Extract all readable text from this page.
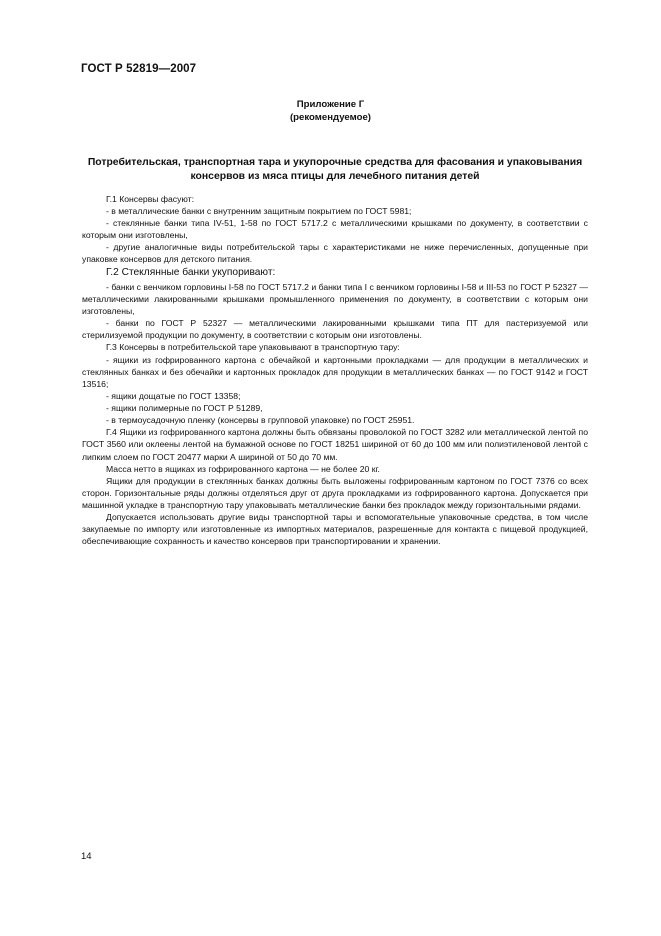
ГОСТ Р 52819—2007
Приложение Г
(рекомендуемое)
Потребительская, транспортная тара и укупорочные средства для фасования и упаковывания консервов из мяса птицы для лечебного питания детей

Г.1 Консервы фасуют:

- в металлические банки с внутренним защитным покрытием по ГОСТ 5981;

- стеклянные банки типа IV-51, 1-58 по ГОСТ 5717.2 с металлическими крышками по документу, в соответствии с которым они изготовлены,

- другие аналогичные виды потребительской тары с характеристиками не ниже перечисленных, допущенные при упаковке консервов для детского питания.

Г.2 Стеклянные банки укупоривают:

- банки с венчиком горловины I-58 по ГОСТ 5717.2 и банки типа I с венчиком горловины I-58 и III-53 по ГОСТ Р 52327 — металлическими лакированными крышками промышленного применения по документу, в соответствии с которым они изготовлены,

- банки по ГОСТ Р 52327 — металлическими лакированными крышками типа ПТ для пастеризуемой или стерилизуемой продукции по документу, в соответствии с которым они изготовлены.

Г.3 Консервы в потребительской таре упаковывают в транспортную тару:

- ящики из гофрированного картона с обечайкой и картонными прокладками — для продукции в металлических и стеклянных банках и без обечайки и картонных прокладок для продукции в металлических банках — по ГОСТ 9142 и ГОСТ 13516;

- ящики дощатые по ГОСТ 13358;

- ящики полимерные по ГОСТ Р 51289,

- в термоусадочную пленку (консервы в групповой упаковке) по ГОСТ 25951.

Г.4 Ящики из гофрированного картона должны быть обвязаны проволокой по ГОСТ 3282 или металлической лентой по ГОСТ 3560 или оклеены лентой на бумажной основе по ГОСТ 18251 шириной от 60 до 100 мм или полиэтиленовой лентой с липким слоем по ГОСТ 20477 марки А шириной от 50 до 70 мм.

Масса нетто в ящиках из гофрированного картона — не более 20 кг.

Ящики для продукции в стеклянных банках должны быть выложены гофрированным картоном по ГОСТ 7376 со всех сторон. Горизонтальные ряды должны отделяться друг от друга прокладками из гофрированного картона. Допускается при машинной укладке в транспортную тару упаковывать металлические банки без прокладок между горизонтальными рядами.

Допускается использовать другие виды транспортной тары и вспомогательные упаковочные средства, в том числе закупаемые по импорту или изготовленные из импортных материалов, разрешенные для контакта с пищевой продукцией, обеспечивающие сохранность и качество консервов при транспортировании и хранении.

14
